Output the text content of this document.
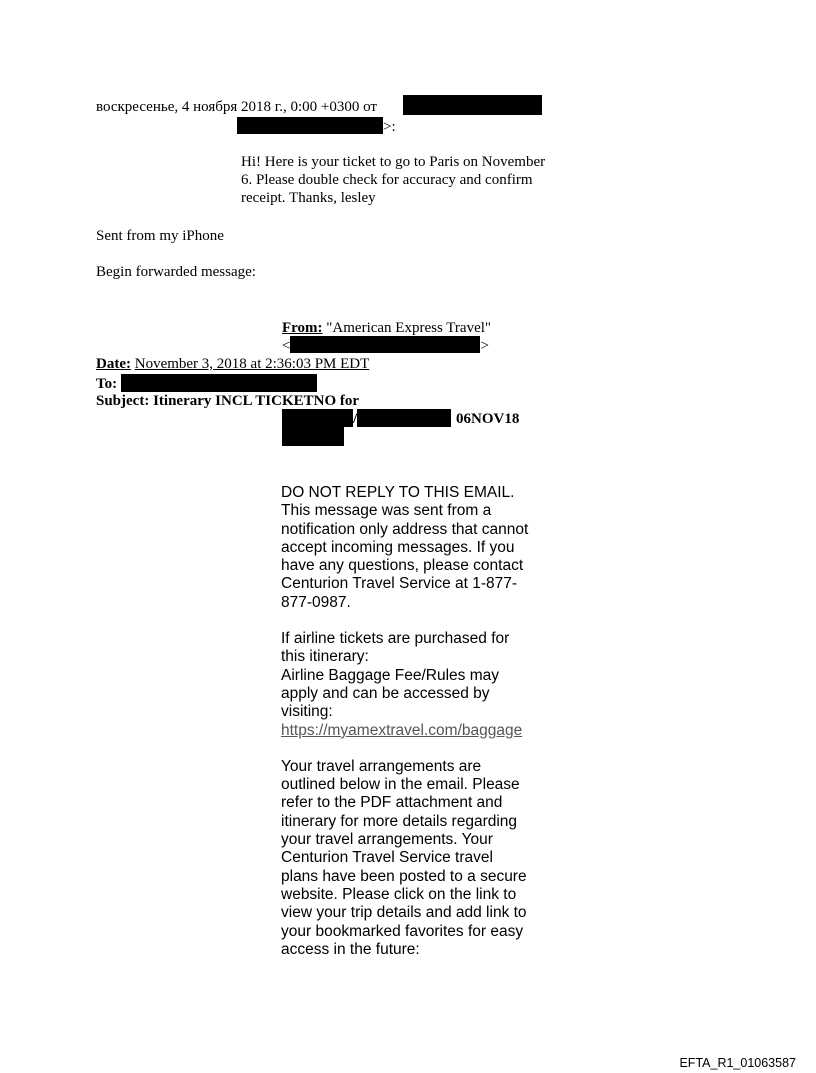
воскресенье, 4 ноября 2018 г., 0:00 +0300 от
>:
Hi! Here is your ticket to go to Paris on November
6. Please double check for accuracy and confirm
receipt. Thanks, lesley
Sent from my iPhone
Begin forwarded message:
From: "American Express Travel"
<	>
Date: November 3, 2018 at 2:36:03 PM EDT
To:
Subject: Itinerary INCL TICKETNO for
/	06NOV18
DO NOT REPLY TO THIS EMAIL.
This message was sent from a
notification only address that cannot
accept incoming messages. If you
have any questions, please contact
Centurion Travel Service at 1-877-
877-0987.
If airline tickets are purchased for
this itinerary:
Airline Baggage Fee/Rules may
apply and can be accessed by
visiting:
https://myamextravel.com/baggage
Your travel arrangements are
outlined below in the email. Please
refer to the PDF attachment and
itinerary for more details regarding
your travel arrangements. Your
Centurion Travel Service travel
plans have been posted to a secure
website. Please click on the link to
view your trip details and add link to
your bookmarked favorites for easy
access in the future:
EFTA_R1_01063587
